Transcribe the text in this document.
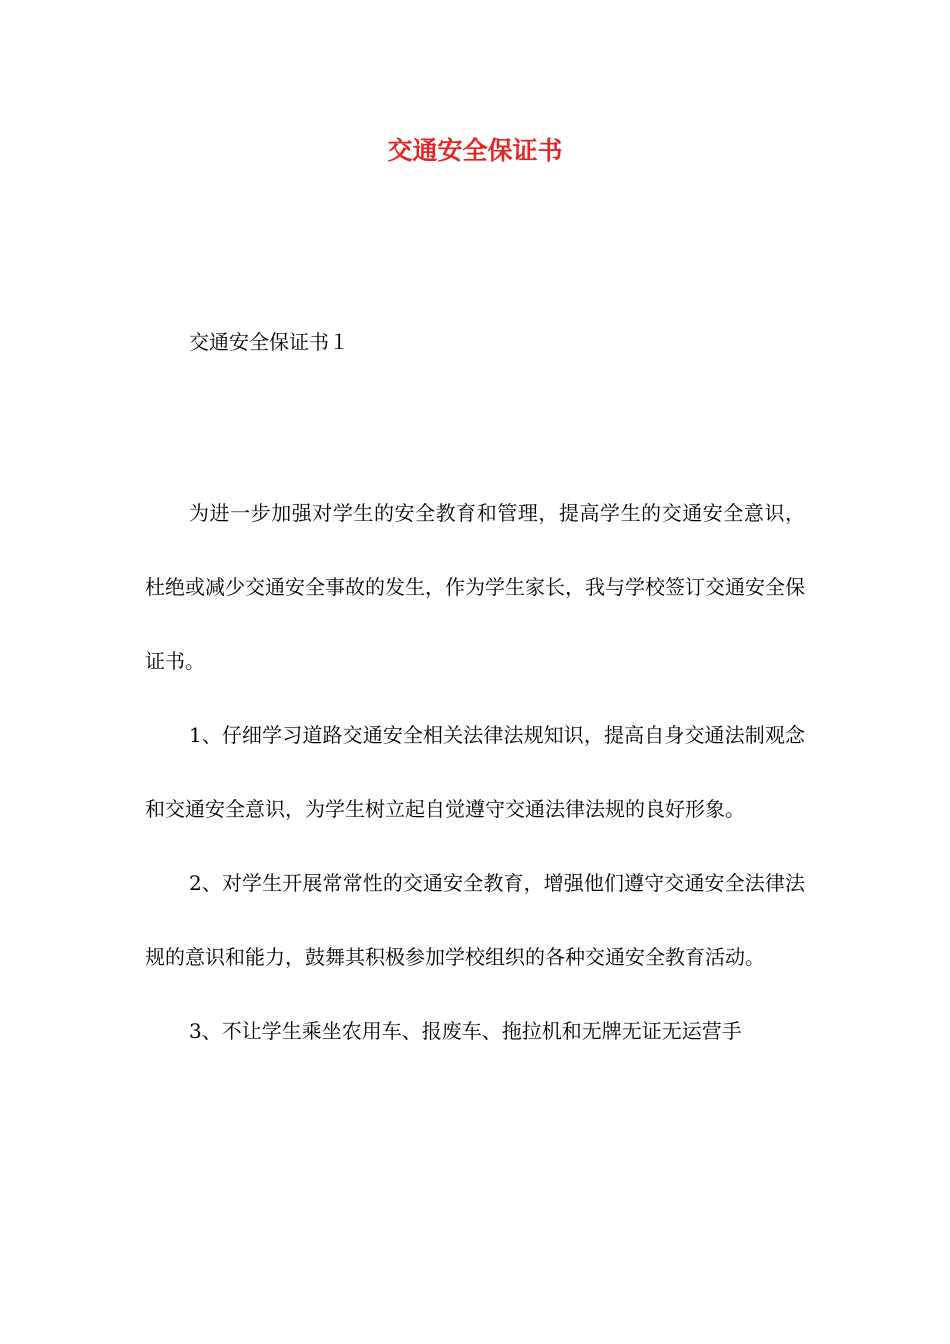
交通安全保证书

交通安全保证书１

为进一步加强对学生的安全教育和管理，提高学生的交通安全意识，杜绝或减少交通安全事故的发生，作为学生家长，我与学校签订交通安全保证书。

1、仔细学习道路交通安全相关法律法规知识，提高自身交通法制观念和交通安全意识，为学生树立起自觉遵守交通法律法规的良好形象。

2、对学生开展常常性的交通安全教育，增强他们遵守交通安全法律法规的意识和能力，鼓舞其积极参加学校组织的各种交通安全教育活动。

3、不让学生乘坐农用车、报废车、拖拉机和无牌无证无运营手
